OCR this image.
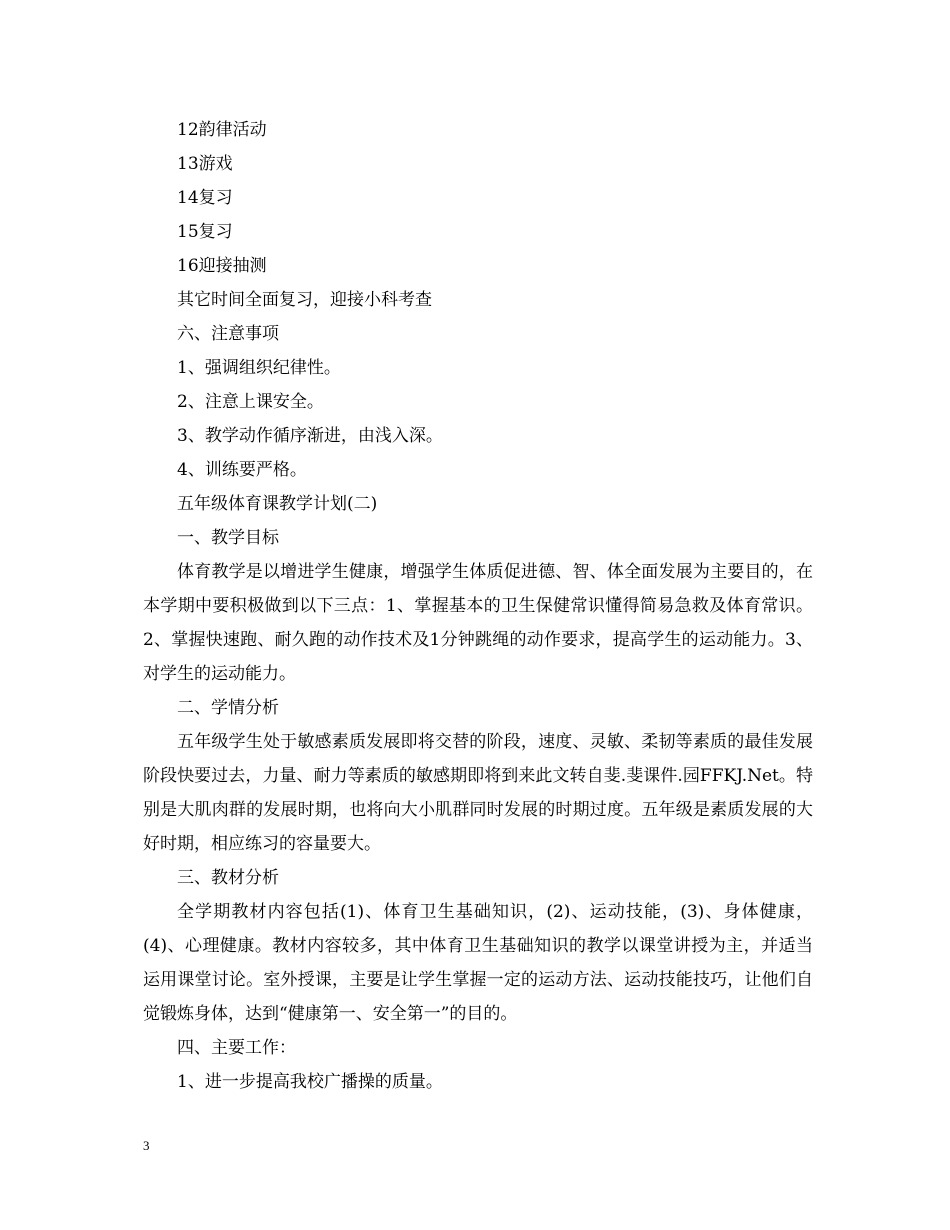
12韵律活动
13游戏
14复习
15复习
16迎接抽测
其它时间全面复习，迎接小科考查
六、注意事项
1、强调组织纪律性。
2、注意上课安全。
3、教学动作循序渐进，由浅入深。
4、训练要严格。
五年级体育课教学计划(二)
一、教学目标

体育教学是以增进学生健康，增强学生体质促进德、智、体全面发展为主要目的，在本学期中要积极做到以下三点：1、掌握基本的卫生保健常识懂得简易急救及体育常识。2、掌握快速跑、耐久跑的动作技术及1分钟跳绳的动作要求，提高学生的运动能力。3、对学生的运动能力。

二、学情分析

五年级学生处于敏感素质发展即将交替的阶段，速度、灵敏、柔韧等素质的最佳发展阶段快要过去，力量、耐力等素质的敏感期即将到来此文转自斐.斐课件.园FFKJ.Net。特别是大肌肉群的发展时期，也将向大小肌群同时发展的时期过度。五年级是素质发展的大好时期，相应练习的容量要大。

三、教材分析

全学期教材内容包括(1)、体育卫生基础知识，(2)、运动技能，(3)、身体健康，(4)、心理健康。教材内容较多，其中体育卫生基础知识的教学以课堂讲授为主，并适当运用课堂讨论。室外授课，主要是让学生掌握一定的运动方法、运动技能技巧，让他们自觉锻炼身体，达到“健康第一、安全第一”的目的。

四、主要工作：
1、进一步提高我校广播操的质量。
3
